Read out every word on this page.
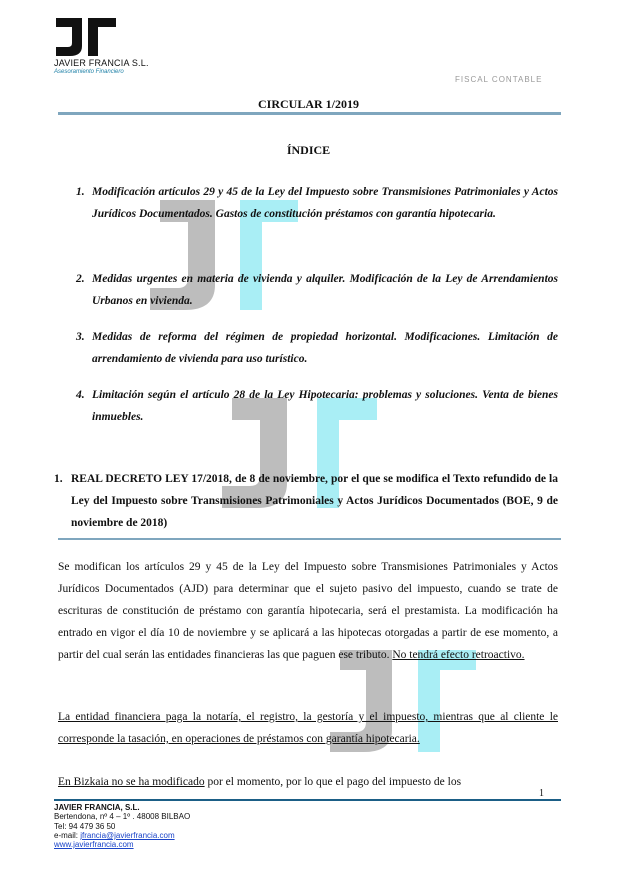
JAVIER FRANCIA S.L.
Asesoramiento Financiero
FISCAL CONTABLE
CIRCULAR 1/2019
ÍNDICE
1. Modificación artículos 29 y 45 de la Ley del Impuesto sobre Transmisiones Patrimoniales y Actos Jurídicos Documentados. Gastos de constitución préstamos con garantía hipotecaria.
2. Medidas urgentes en materia de vivienda y alquiler. Modificación de la Ley de Arrendamientos Urbanos en vivienda.
3. Medidas de reforma del régimen de propiedad horizontal. Modificaciones. Limitación de arrendamiento de vivienda para uso turístico.
4. Limitación según el artículo 28 de la Ley Hipotecaria: problemas y soluciones. Venta de bienes inmuebles.
1. REAL DECRETO LEY 17/2018, de 8 de noviembre, por el que se modifica el Texto refundido de la Ley del Impuesto sobre Transmisiones Patrimoniales y Actos Jurídicos Documentados (BOE, 9 de noviembre de 2018)
Se modifican los artículos 29 y 45 de la Ley del Impuesto sobre Transmisiones Patrimoniales y Actos Jurídicos Documentados (AJD) para determinar que el sujeto pasivo del impuesto, cuando se trate de escrituras de constitución de préstamo con garantía hipotecaria, será el prestamista. La modificación ha entrado en vigor el día 10 de noviembre y se aplicará a las hipotecas otorgadas a partir de ese momento, a partir del cual serán las entidades financieras las que paguen ese tributo. No tendrá efecto retroactivo.
La entidad financiera paga la notaría, el registro, la gestoría y el impuesto, mientras que al cliente le corresponde la tasación, en operaciones de préstamos con garantía hipotecaria.
En Bizkaia no se ha modificado por el momento, por lo que el pago del impuesto de los
1
JAVIER FRANCIA, S.L.
Bertendona, nº 4 – 1º . 48008 BILBAO
Tel: 94 479 36 50
e-mail: jfrancia@javierfrancia.com
www.javierfrancia.com
